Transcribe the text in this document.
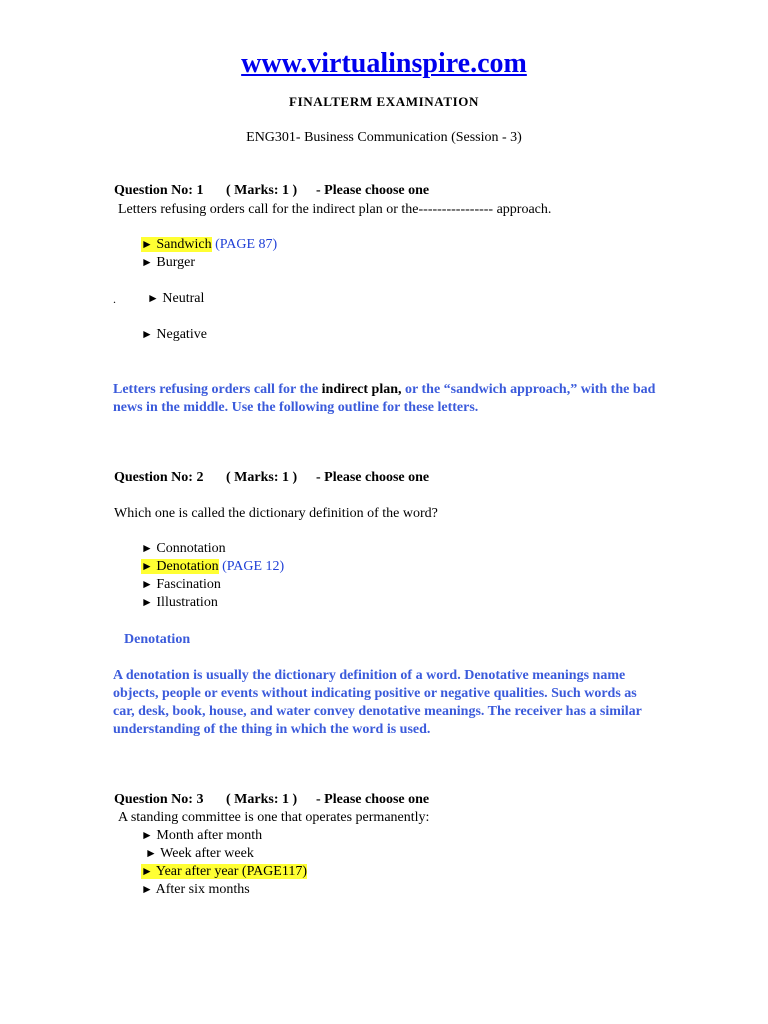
www.virtualinspire.com
FINALTERM EXAMINATION
ENG301- Business Communication (Session - 3)
Question No: 1 ( Marks: 1 ) - Please choose one
Letters refusing orders call for the indirect plan or the---------------- approach.
► Sandwich (PAGE 87)
► Burger
.	► Neutral
► Negative
Letters refusing orders call for the indirect plan, or the “sandwich approach,” with the bad news in the middle. Use the following outline for these letters.
Question No: 2 ( Marks: 1 ) - Please choose one
Which one is called the dictionary definition of the word?
► Connotation
► Denotation (PAGE 12)
► Fascination
► Illustration
Denotation
A denotation is usually the dictionary definition of a word. Denotative meanings name objects, people or events without indicating positive or negative qualities. Such words as car, desk, book, house, and water convey denotative meanings. The receiver has a similar understanding of the thing in which the word is used.
Question No: 3 ( Marks: 1 ) - Please choose one
A standing committee is one that operates permanently:
► Month after month
► Week after week
► Year after year (PAGE117)
► After six months
